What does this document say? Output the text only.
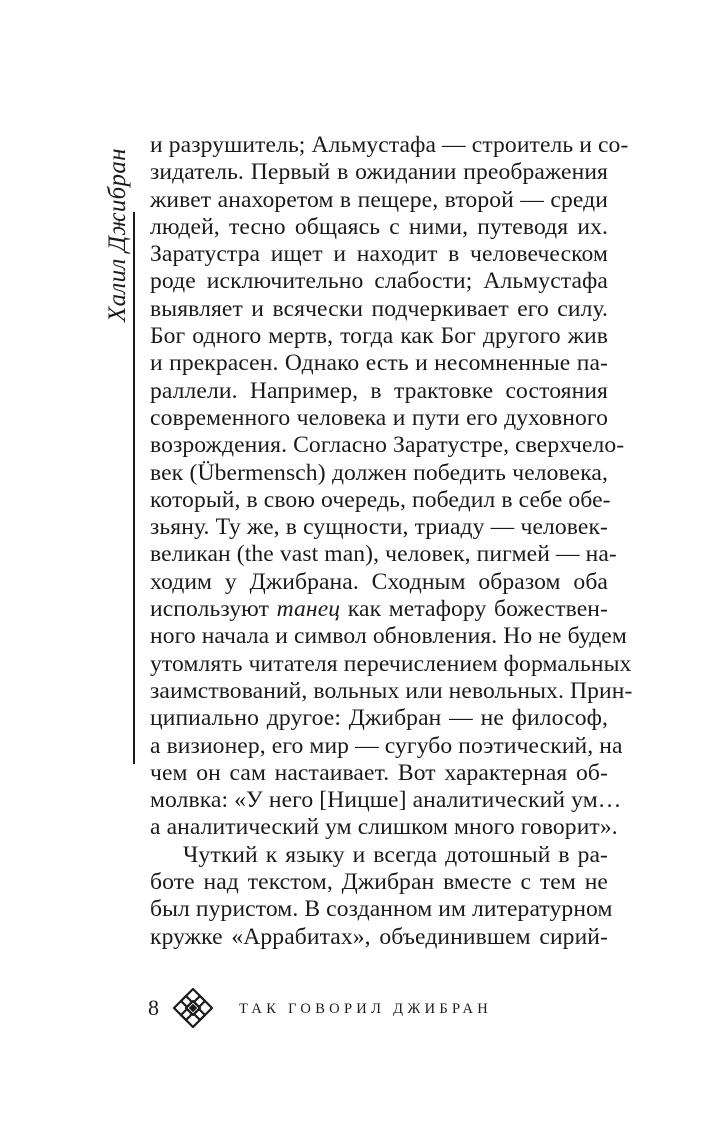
Халил Джибран
и разрушитель; Альмустафа — строитель и со-
зидатель. Первый в ожидании преображения
живет анахоретом в пещере, второй — среди
людей, тесно общаясь с ними, путеводя их.
Заратустра ищет и находит в человеческом
роде исключительно слабости; Альмустафа
выявляет и всячески подчеркивает его силу.
Бог одного мертв, тогда как Бог другого жив
и прекрасен. Однако есть и несомненные па-
раллели. Например, в трактовке состояния
современного человека и пути его духовного
возрождения. Согласно Заратустре, сверхчело-
век (Übermensch) должен победить человека,
который, в свою очередь, победил в себе обе-
зьяну. Ту же, в сущности, триаду — человек-
великан (the vast man), человек, пигмей — на-
ходим у Джибрана. Сходным образом оба
используют танец как метафору божествен-
ного начала и символ обновления. Но не будем
утомлять читателя перечислением формальных
заимствований, вольных или невольных. Прин-
ципиально другое: Джибран — не философ,
а визионер, его мир — сугубо поэтический, на
чем он сам настаивает. Вот характерная об-
молвка: «У него [Ницше] аналитический ум…
а аналитический ум слишком много говорит».
Чуткий к языку и всегда дотошный в ра-
боте над текстом, Джибран вместе с тем не
был пуристом. В созданном им литературном
кружке «Аррабитах», объединившем сирий-
8	ТАК ГОВОРИЛ ДЖИБРАН
